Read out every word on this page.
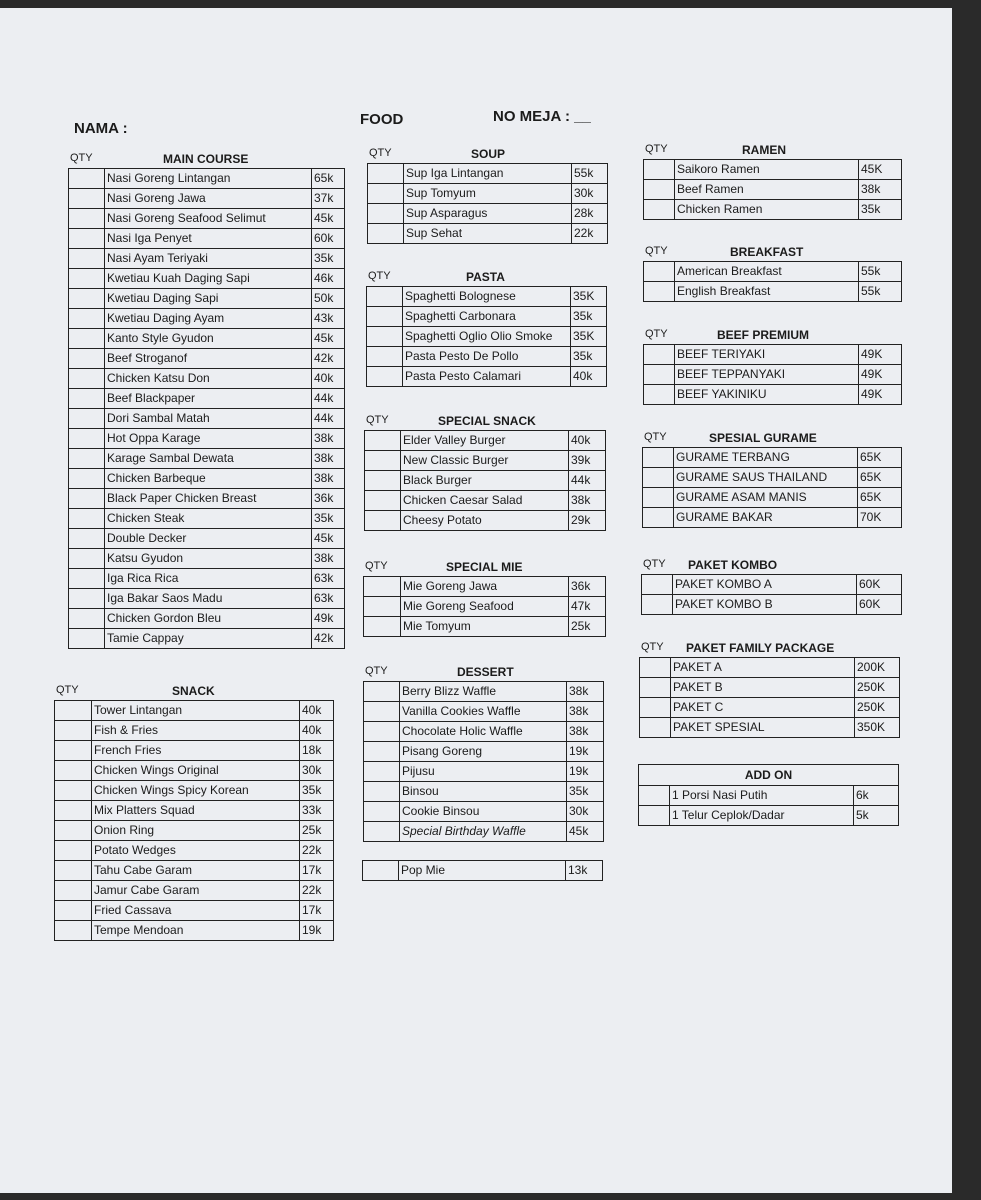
NAMA :
FOOD	NO MEJA : __
QTY	MAIN COURSE
	Nasi Goreng Lintangan	65k
	Nasi Goreng Jawa	37k
	Nasi Goreng Seafood Selimut	45k
	Nasi Iga Penyet	60k
	Nasi Ayam Teriyaki	35k
	Kwetiau Kuah Daging Sapi	46k
	Kwetiau Daging Sapi	50k
	Kwetiau Daging Ayam	43k
	Kanto Style Gyudon	45k
	Beef Stroganof	42k
	Chicken Katsu Don	40k
	Beef Blackpaper	44k
	Dori Sambal Matah	44k
	Hot Oppa Karage	38k
	Karage Sambal Dewata	38k
	Chicken Barbeque	38k
	Black Paper Chicken Breast	36k
	Chicken Steak	35k
	Double Decker	45k
	Katsu Gyudon	38k
	Iga Rica Rica	63k
	Iga Bakar Saos Madu	63k
	Chicken Gordon Bleu	49k
	Tamie Cappay	42k
QTY	SNACK
	Tower Lintangan	40k
	Fish & Fries	40k
	French Fries	18k
	Chicken Wings Original	30k
	Chicken Wings Spicy Korean	35k
	Mix Platters Squad	33k
	Onion Ring	25k
	Potato Wedges	22k
	Tahu Cabe Garam	17k
	Jamur Cabe Garam	22k
	Fried Cassava	17k
	Tempe Mendoan	19k
QTY	SOUP
	Sup Iga Lintangan	55k
	Sup Tomyum	30k
	Sup Asparagus	28k
	Sup Sehat	22k
QTY	PASTA
	Spaghetti Bolognese	35K
	Spaghetti Carbonara	35k
	Spaghetti Oglio Olio Smoke	35K
	Pasta Pesto De Pollo	35k
	Pasta Pesto Calamari	40k
QTY	SPECIAL SNACK
	Elder Valley Burger	40k
	New Classic Burger	39k
	Black Burger	44k
	Chicken Caesar Salad	38k
	Cheesy Potato	29k
QTY	SPECIAL MIE
	Mie Goreng Jawa	36k
	Mie Goreng Seafood	47k
	Mie Tomyum	25k
QTY	DESSERT
	Berry Blizz Waffle	38k
	Vanilla Cookies Waffle	38k
	Chocolate Holic Waffle	38k
	Pisang Goreng	19k
	Pijusu	19k
	Binsou	35k
	Cookie Binsou	30k
	Special Birthday Waffle	45k
	Pop Mie	13k
QTY	RAMEN
	Saikoro Ramen	45K
	Beef Ramen	38k
	Chicken Ramen	35k
QTY	BREAKFAST
	American Breakfast	55k
	English Breakfast	55k
QTY	BEEF PREMIUM
	BEEF TERIYAKI	49K
	BEEF TEPPANYAKI	49K
	BEEF YAKINIKU	49K
QTY	SPESIAL GURAME
	GURAME TERBANG	65K
	GURAME SAUS THAILAND	65K
	GURAME ASAM MANIS	65K
	GURAME BAKAR	70K
QTY PAKET KOMBO
	PAKET KOMBO A	60K
	PAKET KOMBO B	60K
QTY PAKET FAMILY PACKAGE
	PAKET A	200K
	PAKET B	250K
	PAKET C	250K
	PAKET SPESIAL	350K
ADD ON
	1 Porsi Nasi Putih	6k
	1 Telur Ceplok/Dadar	5k
